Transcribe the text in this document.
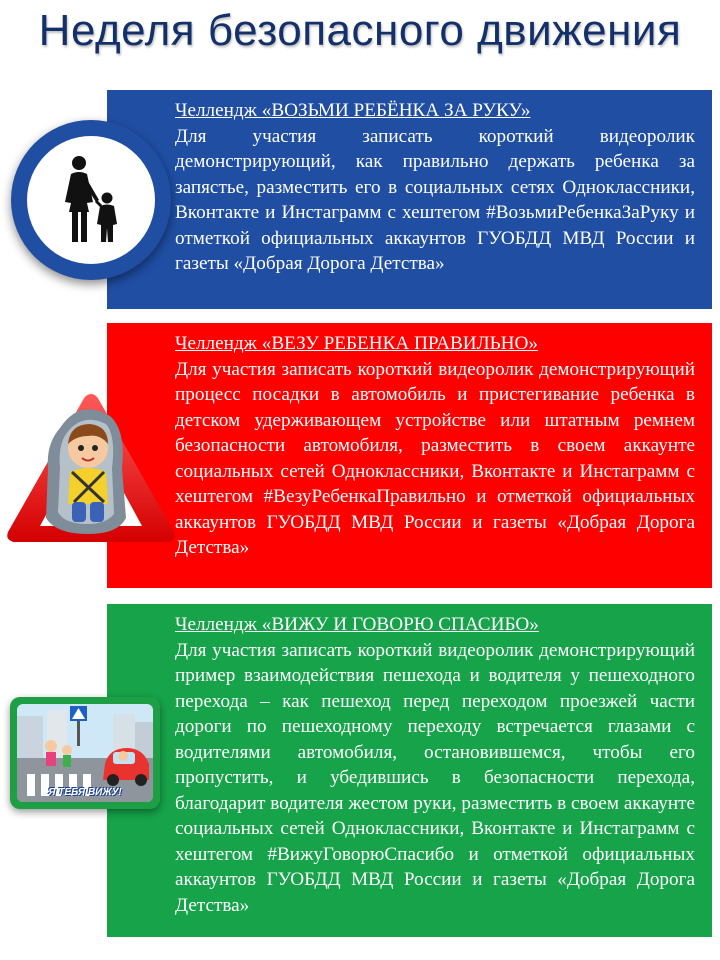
Неделя безопасного движения
Челлендж «ВОЗЬМИ РЕБЁНКА ЗА РУКУ»
Для участия записать короткий видеоролик демонстрирующий, как правильно держать ребенка за запястье, разместить его в социальных сетях Одноклассники, Вконтакте и Инстаграмм с хештегом #ВозьмиРебенкаЗаРуку и отметкой официальных аккаунтов ГУОБДД МВД России и газеты «Добрая Дорога Детства»
Челлендж «ВЕЗУ РЕБЕНКА ПРАВИЛЬНО»
Для участия записать короткий видеоролик демонстрирующий процесс посадки в автомобиль и пристегивание ребенка в детском удерживающем устройстве или штатным ремнем безопасности автомобиля, разместить в своем аккаунте социальных сетей Одноклассники, Вконтакте и Инстаграмм с хештегом #ВезуРебенкаПравильно и отметкой официальных аккаунтов ГУОБДД МВД России и газеты «Добрая Дорога Детства»
Челлендж «ВИЖУ И ГОВОРЮ СПАСИБО»
Для участия записать короткий видеоролик демонстрирующий пример взаимодействия пешехода и водителя у пешеходного перехода – как пешеход перед переходом проезжей части дороги по пешеходному переходу встречается глазами с водителями автомобиля, остановившемся, чтобы его пропустить, и убедившись в безопасности перехода, благодарит водителя жестом руки, разместить в своем аккаунте социальных сетей Одноклассники, Вконтакте и Инстаграмм с хештегом #ВижуГоворюСпасибо и отметкой официальных аккаунтов ГУОБДД МВД России и газеты «Добрая Дорога Детства»
Я ТЕБЯ ВИЖУ!
